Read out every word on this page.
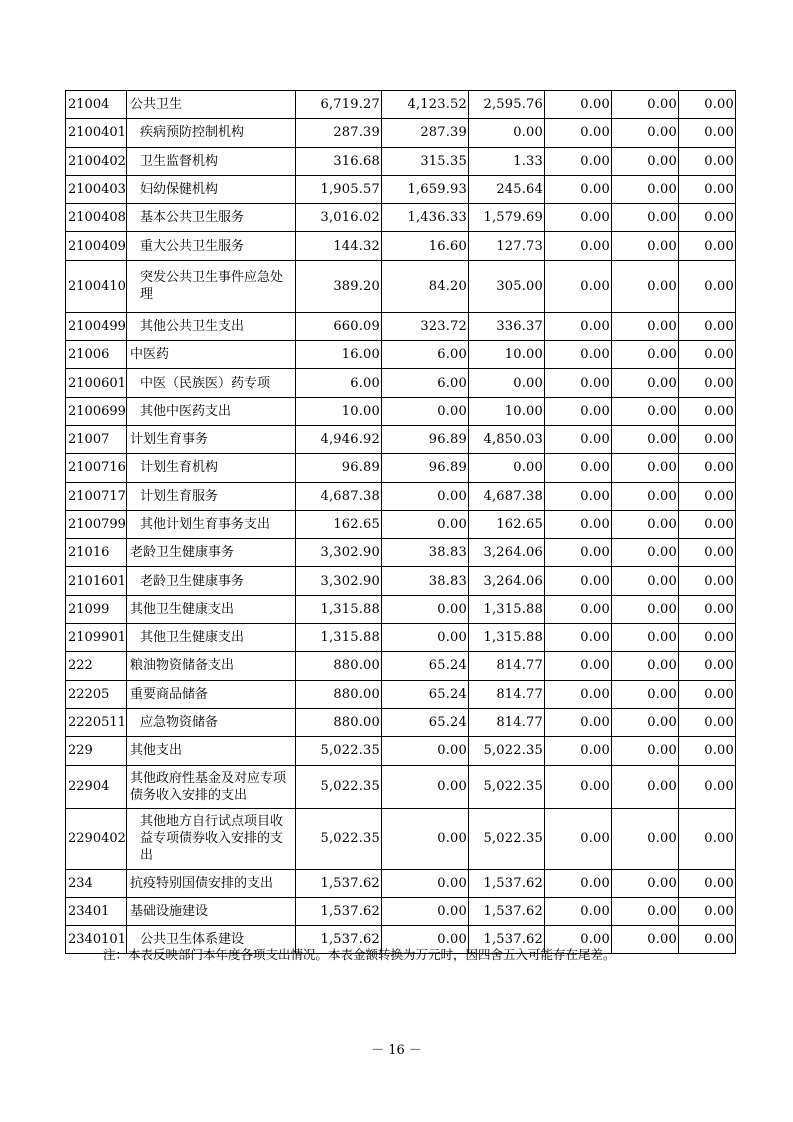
21004	公共卫生	6,719.27	4,123.52	2,595.76	0.00	0.00	0.00
2100401	疾病预防控制机构	287.39	287.39	0.00	0.00	0.00	0.00
2100402	卫生监督机构	316.68	315.35	1.33	0.00	0.00	0.00
2100403	妇幼保健机构	1,905.57	1,659.93	245.64	0.00	0.00	0.00
2100408	基本公共卫生服务	3,016.02	1,436.33	1,579.69	0.00	0.00	0.00
2100409	重大公共卫生服务	144.32	16.60	127.73	0.00	0.00	0.00
2100410	突发公共卫生事件应急处理	389.20	84.20	305.00	0.00	0.00	0.00
2100499	其他公共卫生支出	660.09	323.72	336.37	0.00	0.00	0.00
21006	中医药	16.00	6.00	10.00	0.00	0.00	0.00
2100601	中医（民族医）药专项	6.00	6.00	0.00	0.00	0.00	0.00
2100699	其他中医药支出	10.00	0.00	10.00	0.00	0.00	0.00
21007	计划生育事务	4,946.92	96.89	4,850.03	0.00	0.00	0.00
2100716	计划生育机构	96.89	96.89	0.00	0.00	0.00	0.00
2100717	计划生育服务	4,687.38	0.00	4,687.38	0.00	0.00	0.00
2100799	其他计划生育事务支出	162.65	0.00	162.65	0.00	0.00	0.00
21016	老龄卫生健康事务	3,302.90	38.83	3,264.06	0.00	0.00	0.00
2101601	老龄卫生健康事务	3,302.90	38.83	3,264.06	0.00	0.00	0.00
21099	其他卫生健康支出	1,315.88	0.00	1,315.88	0.00	0.00	0.00
2109901	其他卫生健康支出	1,315.88	0.00	1,315.88	0.00	0.00	0.00
222	粮油物资储备支出	880.00	65.24	814.77	0.00	0.00	0.00
22205	重要商品储备	880.00	65.24	814.77	0.00	0.00	0.00
2220511	应急物资储备	880.00	65.24	814.77	0.00	0.00	0.00
229	其他支出	5,022.35	0.00	5,022.35	0.00	0.00	0.00
22904	其他政府性基金及对应专项债务收入安排的支出	5,022.35	0.00	5,022.35	0.00	0.00	0.00
2290402	其他地方自行试点项目收益专项债券收入安排的支出	5,022.35	0.00	5,022.35	0.00	0.00	0.00
234	抗疫特别国债安排的支出	1,537.62	0.00	1,537.62	0.00	0.00	0.00
23401	基础设施建设	1,537.62	0.00	1,537.62	0.00	0.00	0.00
2340101	公共卫生体系建设	1,537.62	0.00	1,537.62	0.00	0.00	0.00
注：本表反映部门本年度各项支出情况。本表金额转换为万元时，因四舍五入可能存在尾差。
－ 16 －
